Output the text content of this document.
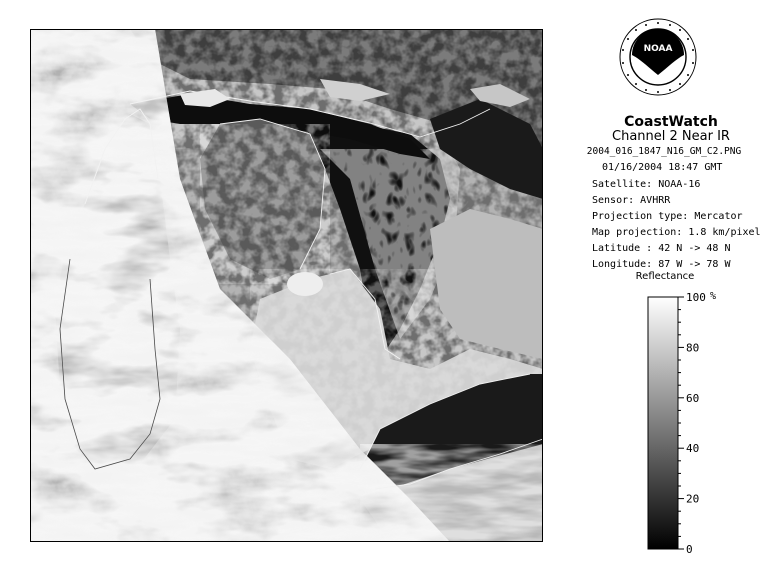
NOAA
CoastWatch
Channel 2 Near IR
2004_016_1847_N16_GM_C2.PNG
01/16/2004 18:47 GMT
Satellite: NOAA-16
Sensor: AVHRR
Projection type: Mercator
Map projection: 1.8 km/pixel
Latitude : 42 N -> 48 N
Longitude: 87 W -> 78 W
Reflectance
100
80
60
40
20
0
%
